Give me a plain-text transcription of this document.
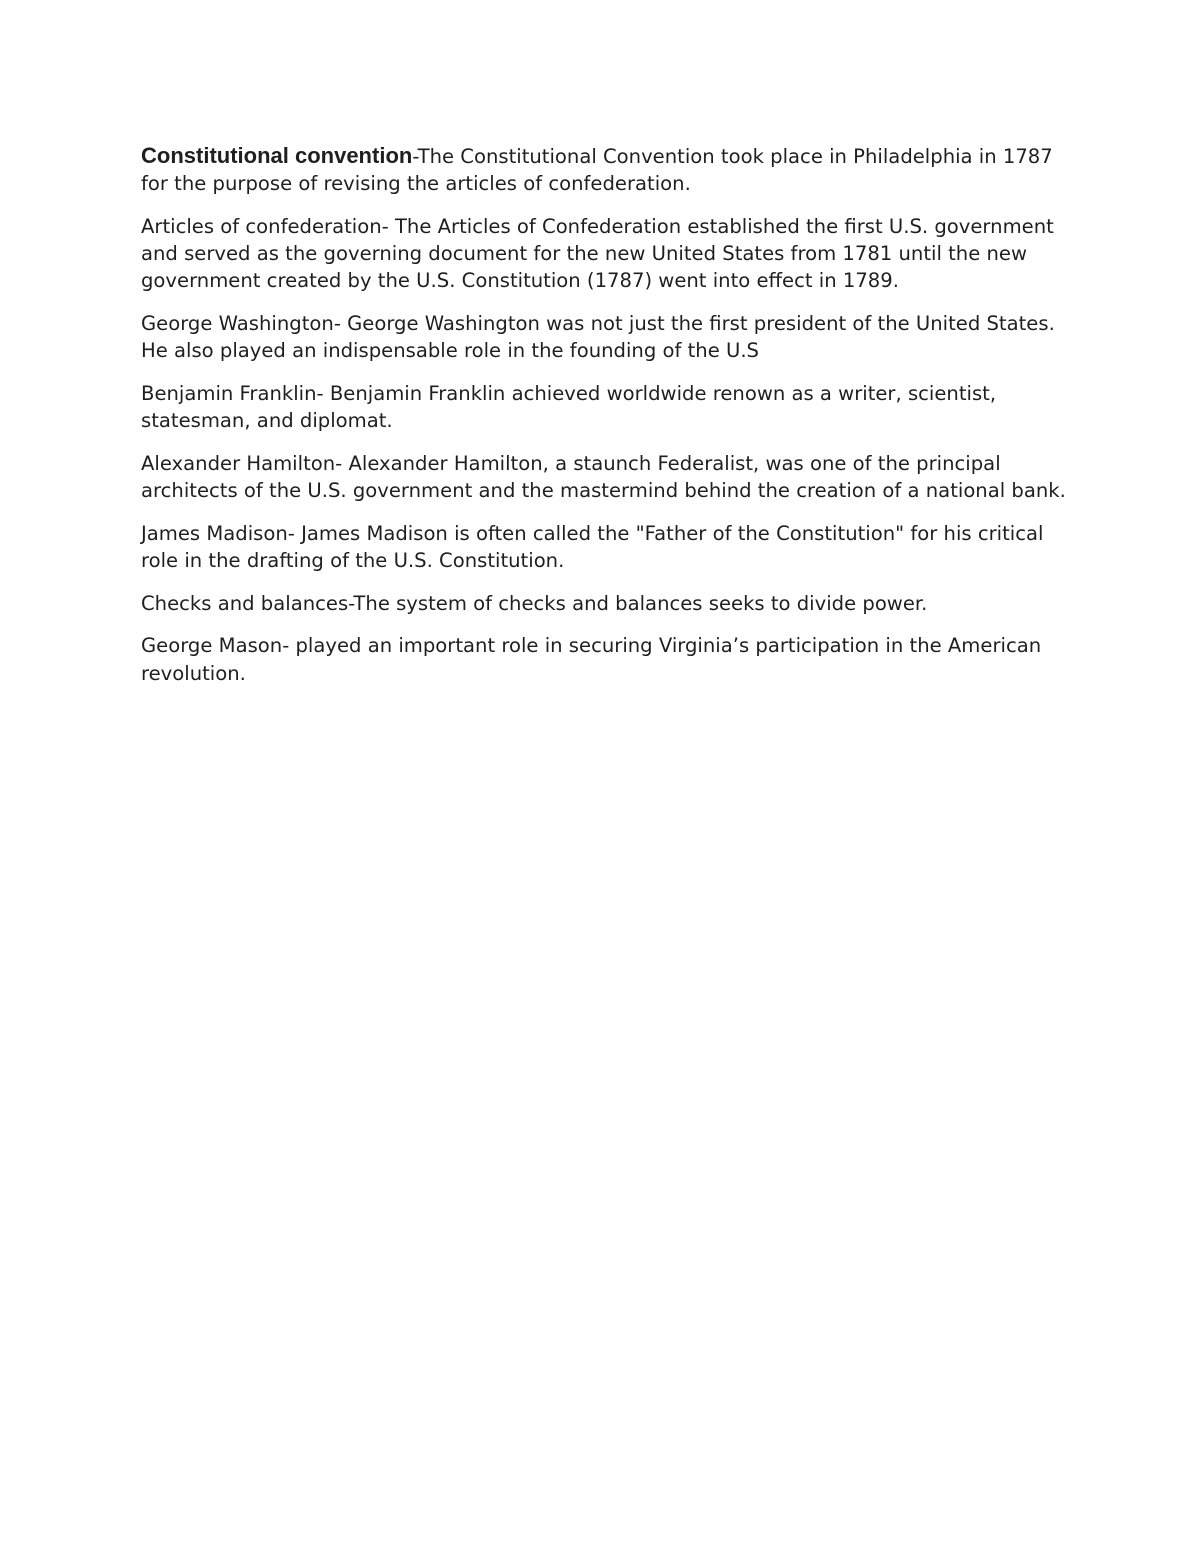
Constitutional convention-The Constitutional Convention took place in Philadelphia in 1787 for the purpose of revising the articles of confederation.

Articles of confederation- The Articles of Confederation established the first U.S. government and served as the governing document for the new United States from 1781 until the new government created by the U.S. Constitution (1787) went into effect in 1789.

George Washington- George Washington was not just the first president of the United States. He also played an indispensable role in the founding of the U.S

Benjamin Franklin- Benjamin Franklin achieved worldwide renown as a writer, scientist, statesman, and diplomat.

Alexander Hamilton- Alexander Hamilton, a staunch Federalist, was one of the principal architects of the U.S. government and the mastermind behind the creation of a national bank.

James Madison- James Madison is often called the "Father of the Constitution" for his critical role in the drafting of the U.S. Constitution.

Checks and balances-The system of checks and balances seeks to divide power.

George Mason- played an important role in securing Virginia’s participation in the American revolution.
